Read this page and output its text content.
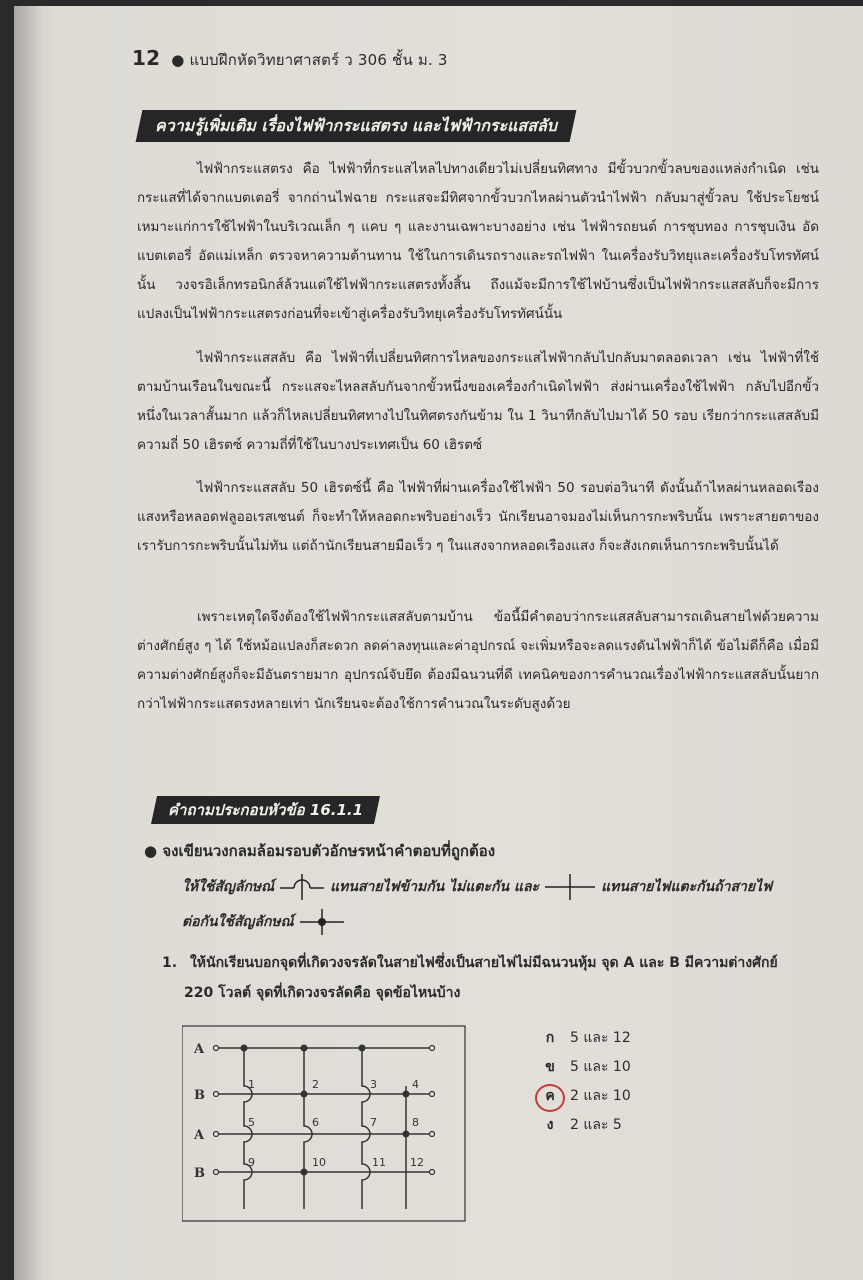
12 ● แบบฝึกหัดวิทยาศาสตร์ ว 306 ชั้น ม. 3
ความรู้เพิ่มเติม เรื่องไฟฟ้ากระแสตรง และไฟฟ้ากระแสสลับ

ไฟฟ้ากระแสตรง คือ ไฟฟ้าที่กระแสไหลไปทางเดียวไม่เปลี่ยนทิศทาง มีขั้วบวกขั้วลบของแหล่งกำเนิด เช่น กระแสที่ได้จากแบตเตอรี่ จากถ่านไฟฉาย กระแสจะมีทิศจากขั้วบวกไหลผ่านตัวนำไฟฟ้า กลับมาสู่ขั้วลบ ใช้ประโยชน์เหมาะแก่การใช้ไฟฟ้าในบริเวณเล็ก ๆ แคบ ๆ และงานเฉพาะบางอย่าง เช่น ไฟฟ้ารถยนต์ การชุบทอง การชุบเงิน อัดแบตเตอรี่ อัดแม่เหล็ก ตรวจหาความต้านทาน ใช้ในการเดินรถรางและรถไฟฟ้า ในเครื่องรับวิทยุและเครื่องรับโทรทัศน์นั้น วงจรอิเล็กทรอนิกส์ล้วนแต่ใช้ไฟฟ้ากระแสตรงทั้งสิ้น ถึงแม้จะมีการใช้ไฟบ้านซึ่งเป็นไฟฟ้ากระแสสลับก็จะมีการแปลงเป็นไฟฟ้ากระแสตรงก่อนที่จะเข้าสู่เครื่องรับวิทยุเครื่องรับโทรทัศน์นั้น

ไฟฟ้ากระแสสลับ คือ ไฟฟ้าที่เปลี่ยนทิศการไหลของกระแสไฟฟ้ากลับไปกลับมาตลอดเวลา เช่น ไฟฟ้าที่ใช้ตามบ้านเรือนในขณะนี้ กระแสจะไหลสลับกันจากขั้วหนึ่งของเครื่องกำเนิดไฟฟ้า ส่งผ่านเครื่องใช้ไฟฟ้า กลับไปอีกขั้วหนึ่งในเวลาสั้นมาก แล้วก็ไหลเปลี่ยนทิศทางไปในทิศตรงกันข้าม ใน 1 วินาทีกลับไปมาได้ 50 รอบ เรียกว่ากระแสสลับมีความถี่ 50 เฮิรตซ์ ความถี่ที่ใช้ในบางประเทศเป็น 60 เฮิรตซ์

ไฟฟ้ากระแสสลับ 50 เฮิรตซ์นี้ คือ ไฟฟ้าที่ผ่านเครื่องใช้ไฟฟ้า 50 รอบต่อวินาที ดังนั้นถ้าไหลผ่านหลอดเรืองแสงหรือหลอดฟลูออเรสเซนต์ ก็จะทำให้หลอดกะพริบอย่างเร็ว นักเรียนอาจมองไม่เห็นการกะพริบนั้น เพราะสายตาของเรารับการกะพริบนั้นไม่ทัน แต่ถ้านักเรียนสายมือเร็ว ๆ ในแสงจากหลอดเรืองแสง ก็จะสังเกตเห็นการกะพริบนั้นได้

เพราะเหตุใดจึงต้องใช้ไฟฟ้ากระแสสลับตามบ้าน ข้อนี้มีคำตอบว่ากระแสสลับสามารถเดินสายไฟด้วยความต่างศักย์สูง ๆ ได้ ใช้หม้อแปลงก็สะดวก ลดค่าลงทุนและค่าอุปกรณ์ จะเพิ่มหรือจะลดแรงดันไฟฟ้าก็ได้ ข้อไม่ดีก็คือ เมื่อมีความต่างศักย์สูงก็จะมีอันตรายมาก อุปกรณ์จับยึด ต้องมีฉนวนที่ดี เทคนิคของการคำนวณเรื่องไฟฟ้ากระแสสลับนั้นยากกว่าไฟฟ้ากระแสตรงหลายเท่า นักเรียนจะต้องใช้การคำนวณในระดับสูงด้วย

คำถามประกอบหัวข้อ 16.1.1
● จงเขียนวงกลมล้อมรอบตัวอักษรหน้าคำตอบที่ถูกต้อง
ให้ใช้สัญลักษณ์	แทนสายไฟข้ามกัน ไม่แตะกัน และ	แทนสายไฟแตะกันถ้าสายไฟ
ต่อกันใช้สัญลักษณ์
1. ให้นักเรียนบอกจุดที่เกิดวงจรลัดในสายไฟซึ่งเป็นสายไฟไม่มีฉนวนหุ้ม จุด A และ B มีความต่างศักย์
220 โวลต์ จุดที่เกิดวงจรลัดคือ จุดข้อไหนบ้าง
A
B
A
B
1	2	3	4
5	6	7	8
9	10	11 12
ก 5 และ 12
ข 5 และ 10
ค 2 และ 10
ง	2 และ 5
